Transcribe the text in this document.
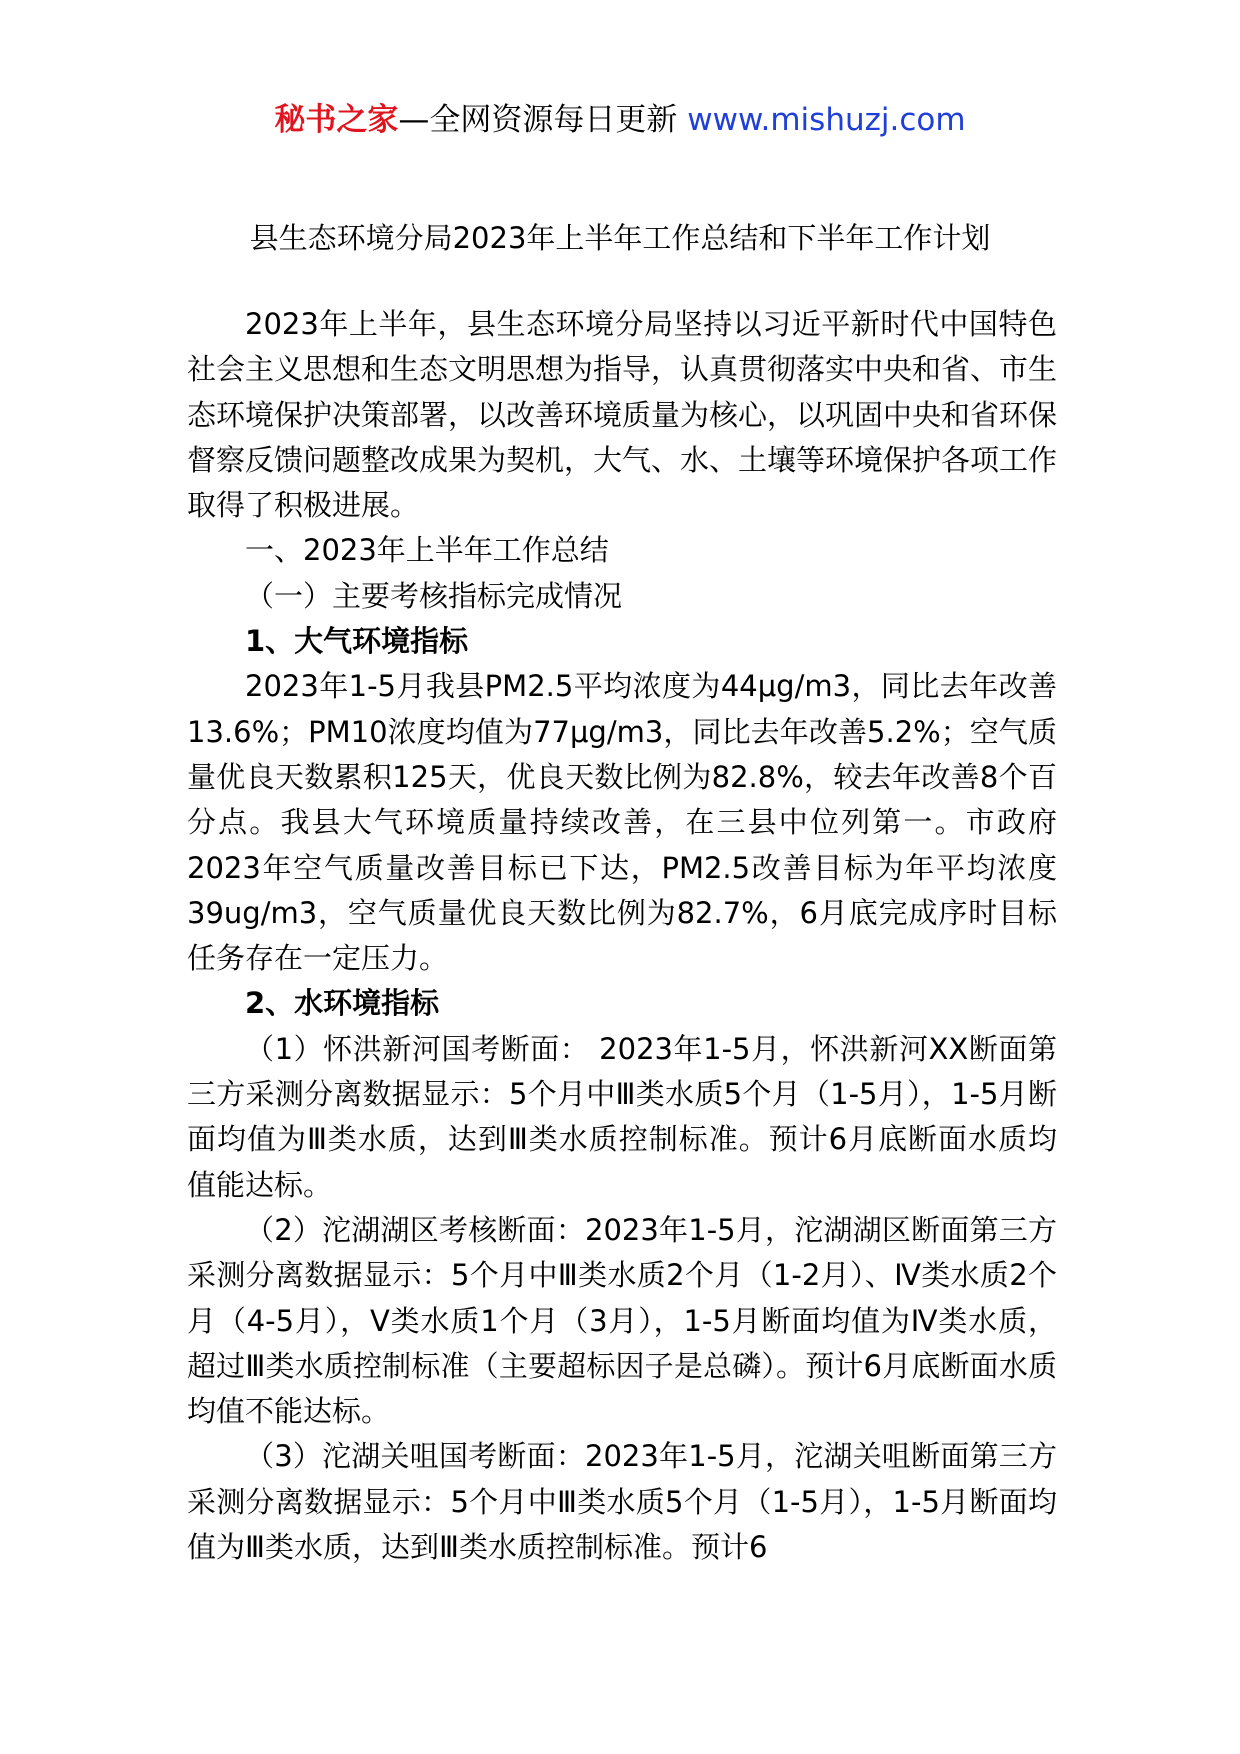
秘书之家—全网资源每日更新 www.mishuzj.com
县生态环境分局2023年上半年工作总结和下半年工作计划

2023年上半年，县生态环境分局坚持以习近平新时代中国特色社会主义思想和生态文明思想为指导，认真贯彻落实中央和省、市生态环境保护决策部署，以改善环境质量为核心，以巩固中央和省环保督察反馈问题整改成果为契机，大气、水、土壤等环境保护各项工作取得了积极进展。

一、2023年上半年工作总结

（一）主要考核指标完成情况

1、大气环境指标

2023年1-5月我县PM2.5平均浓度为44μg/m3，同比去年改善13.6%；PM10浓度均值为77μg/m3，同比去年改善5.2%；空气质量优良天数累积125天，优良天数比例为82.8%，较去年改善8个百分点。我县大气环境质量持续改善，在三县中位列第一。市政府2023年空气质量改善目标已下达，PM2.5改善目标为年平均浓度39ug/m3，空气质量优良天数比例为82.7%，6月底完成序时目标任务存在一定压力。

2、水环境指标

（1）怀洪新河国考断面： 2023年1-5月，怀洪新河XX断面第三方采测分离数据显示：5个月中Ⅲ类水质5个月（1-5月），1-5月断面均值为Ⅲ类水质，达到Ⅲ类水质控制标准。预计6月底断面水质均值能达标。

（2）沱湖湖区考核断面：2023年1-5月，沱湖湖区断面第三方采测分离数据显示：5个月中Ⅲ类水质2个月（1-2月）、Ⅳ类水质2个月（4-5月），Ⅴ类水质1个月（3月），1-5月断面均值为Ⅳ类水质，超过Ⅲ类水质控制标准（主要超标因子是总磷）。预计6月底断面水质均值不能达标。

（3）沱湖关咀国考断面：2023年1-5月，沱湖关咀断面第三方采测分离数据显示：5个月中Ⅲ类水质5个月（1-5月），1-5月断面均值为Ⅲ类水质，达到Ⅲ类水质控制标准。预计6
